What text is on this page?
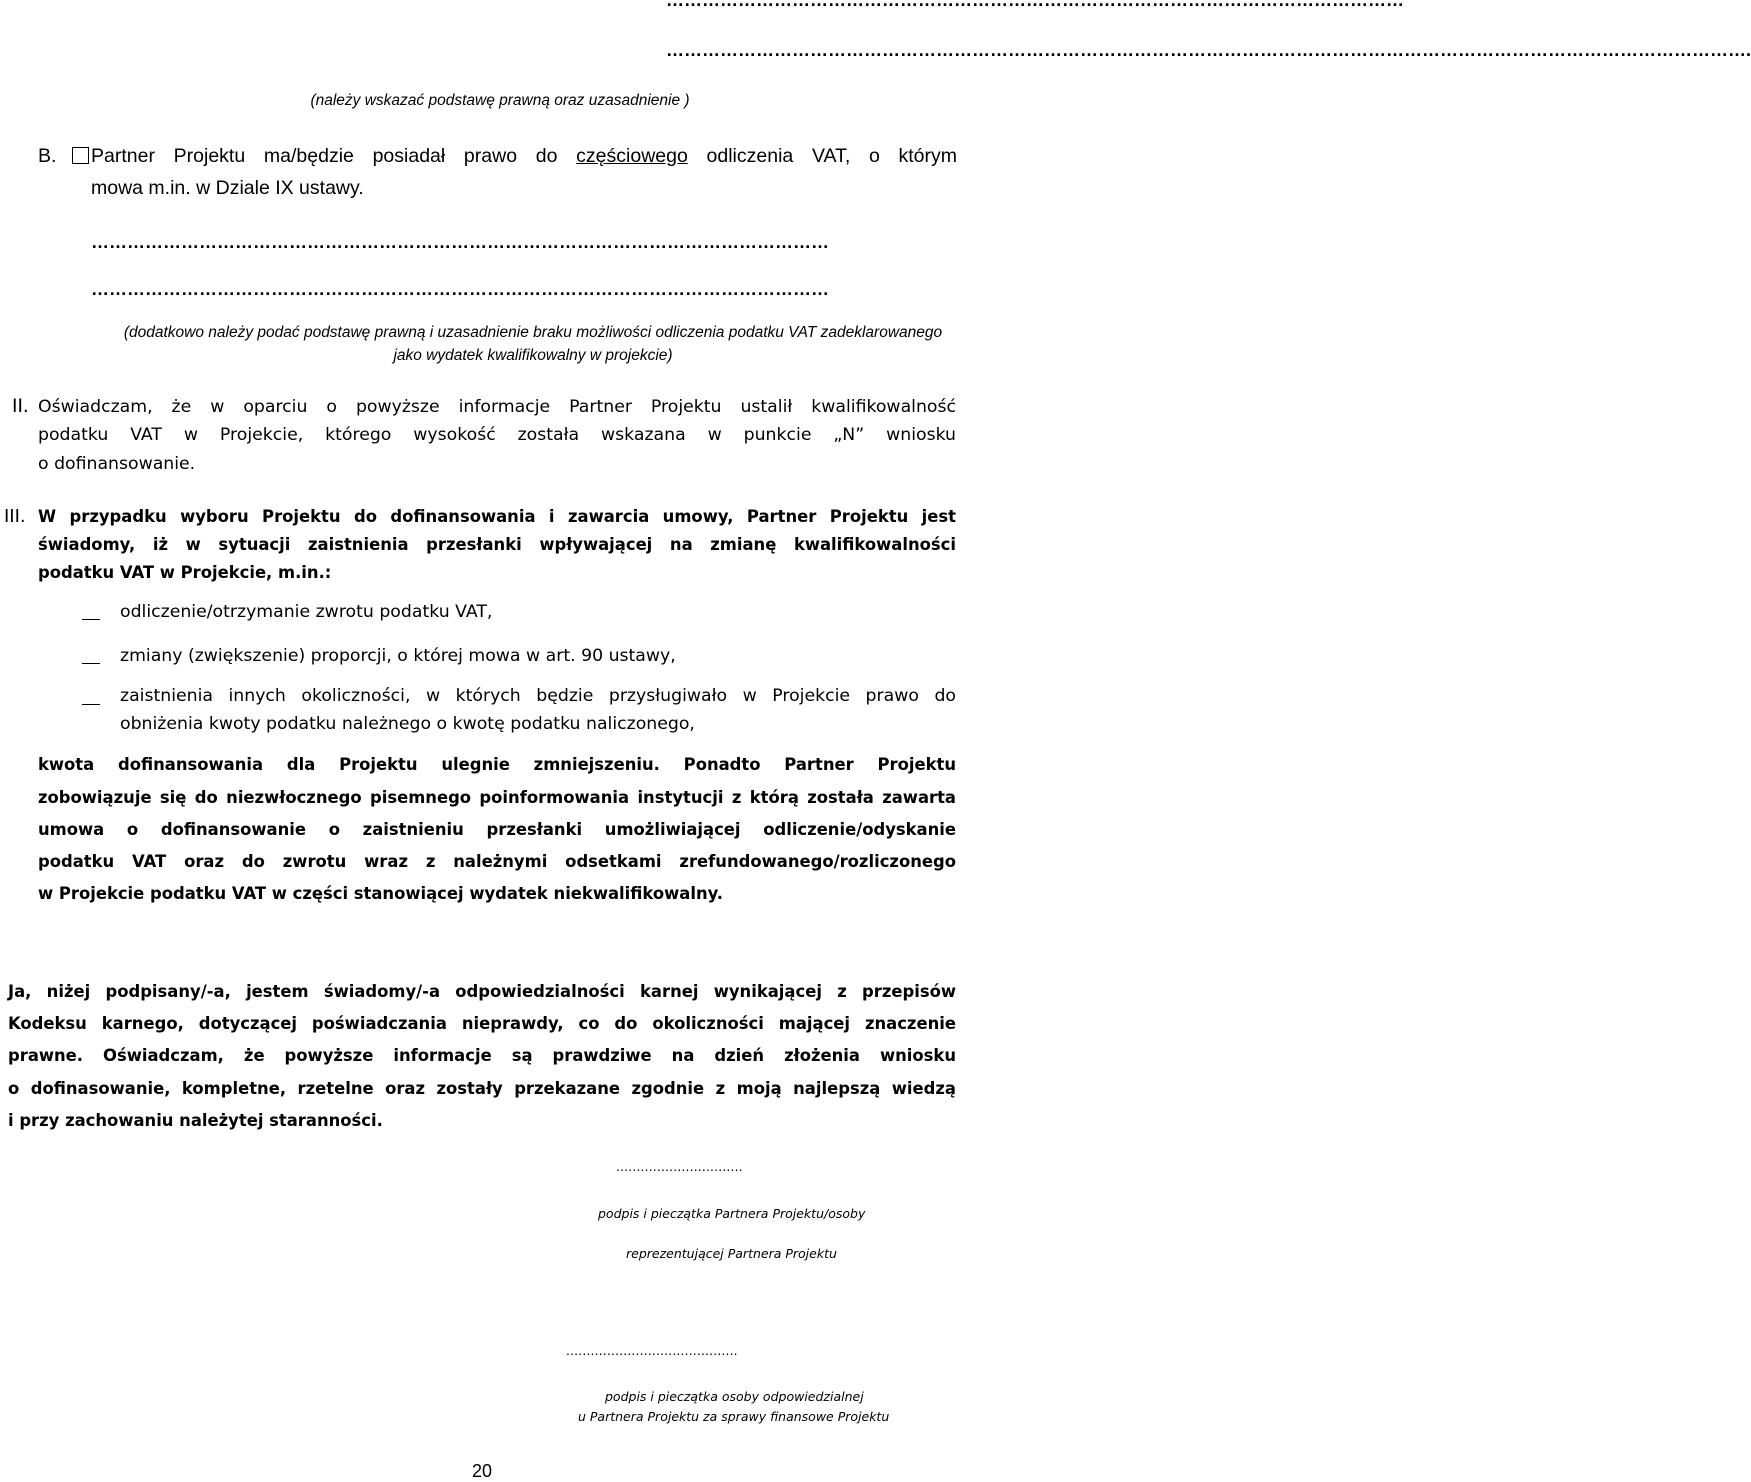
……………………………………………………………………………………………………………
……………………………………………………………………………………………………………………………………………………………….
(należy wskazać podstawę prawną oraz uzasadnienie )
B.	Partner Projektu ma/będzie posiadał prawo do częściowego odliczenia VAT, o którym
mowa m.in. w Dziale IX ustawy.
……………………………………………………………………………………………………………
……………………………………………………………………………………………………………
(dodatkowo należy podać podstawę prawną i uzasadnienie braku możliwości odliczenia podatku VAT zadeklarowanego
jako wydatek kwalifikowalny w projekcie)
II. Oświadczam, że w oparciu o powyższe informacje Partner Projektu ustalił kwalifikowalność
podatku VAT w Projekcie, którego wysokość została wskazana w punkcie „N” wniosku
o dofinansowanie.
III. W przypadku wyboru Projektu do dofinansowania i zawarcia umowy, Partner Projektu jest
świadomy, iż w sytuacji zaistnienia przesłanki wpływającej na zmianę kwalifikowalności
podatku VAT w Projekcie, m.in.:
odliczenie/otrzymanie zwrotu podatku VAT,
zmiany (zwiększenie) proporcji, o której mowa w art. 90 ustawy,
zaistnienia innych okoliczności, w których będzie przysługiwało w Projekcie prawo do
obniżenia kwoty podatku należnego o kwotę podatku naliczonego,
kwota dofinansowania dla Projektu ulegnie zmniejszeniu. Ponadto Partner Projektu
zobowiązuje się do niezwłocznego pisemnego poinformowania instytucji z którą została zawarta
umowa o dofinansowanie o zaistnieniu przesłanki umożliwiającej odliczenie/odyskanie
podatku VAT oraz do zwrotu wraz z należnymi odsetkami zrefundowanego/rozliczonego
w Projekcie podatku VAT w części stanowiącej wydatek niekwalifikowalny.
Ja, niżej podpisany/-a, jestem świadomy/-a odpowiedzialności karnej wynikającej z przepisów
Kodeksu karnego, dotyczącej poświadczania nieprawdy, co do okoliczności mającej znaczenie
prawne. Oświadczam, że powyższe informacje są prawdziwe na dzień złożenia wniosku
o dofinasowanie, kompletne, rzetelne oraz zostały przekazane zgodnie z moją najlepszą wiedzą
i przy zachowaniu należytej staranności.
...............................
podpis i pieczątka Partnera Projektu/osoby
reprezentującej Partnera Projektu
..........................................
podpis i pieczątka osoby odpowiedzialnej
u Partnera Projektu za sprawy finansowe Projektu
20
